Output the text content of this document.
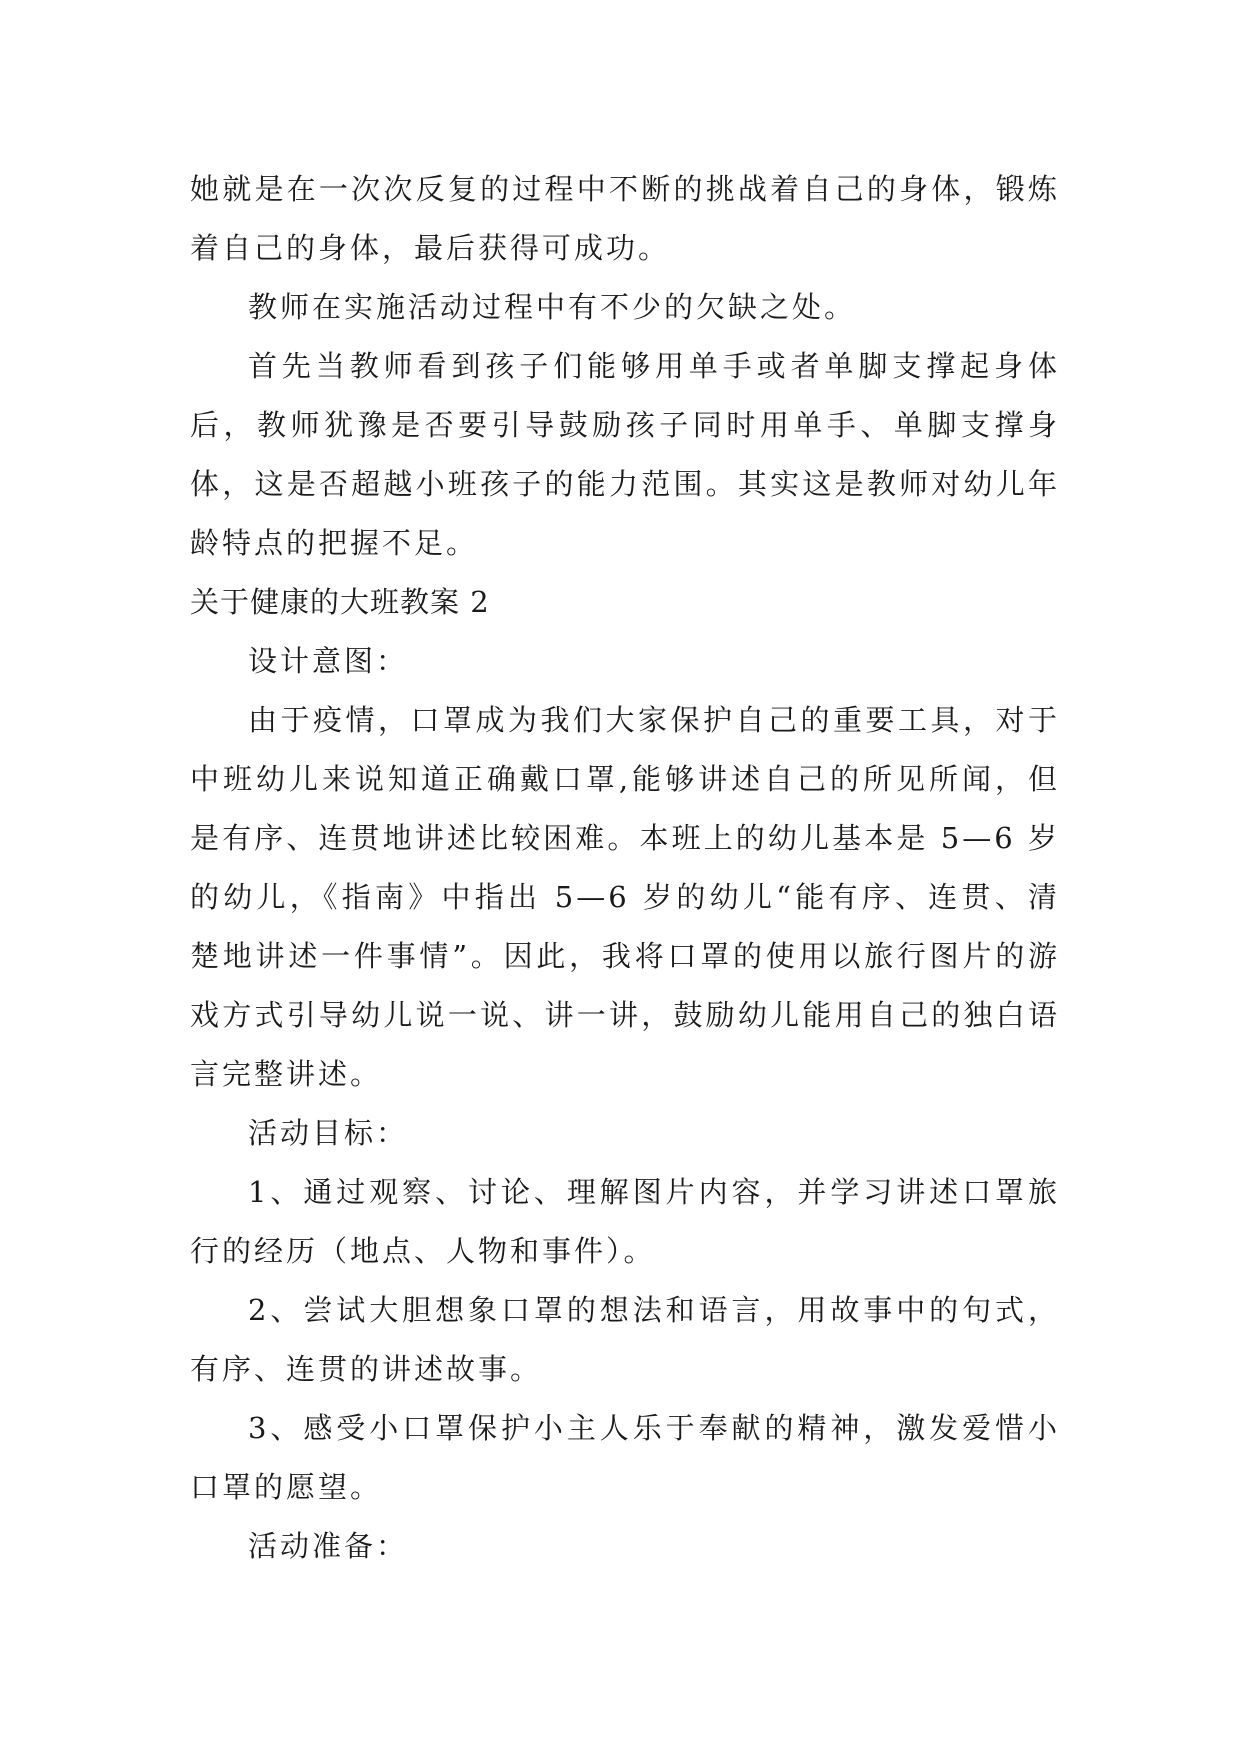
她就是在一次次反复的过程中不断的挑战着自己的身体，锻炼着自己的身体，最后获得可成功。

教师在实施活动过程中有不少的欠缺之处。

首先当教师看到孩子们能够用单手或者单脚支撑起身体后，教师犹豫是否要引导鼓励孩子同时用单手、单脚支撑身体，这是否超越小班孩子的能力范围。其实这是教师对幼儿年龄特点的把握不足。

关于健康的大班教案 2

设计意图：

由于疫情，口罩成为我们大家保护自己的重要工具，对于中班幼儿来说知道正确戴口罩,能够讲述自己的所见所闻，但是有序、连贯地讲述比较困难。本班上的幼儿基本是 5—6 岁的幼儿，《指南》中指出 5—6 岁的幼儿“能有序、连贯、清楚地讲述一件事情”。因此，我将口罩的使用以旅行图片的游戏方式引导幼儿说一说、讲一讲，鼓励幼儿能用自己的独白语言完整讲述。

活动目标：

1、通过观察、讨论、理解图片内容，并学习讲述口罩旅行的经历（地点、人物和事件）。

2、尝试大胆想象口罩的想法和语言，用故事中的句式，有序、连贯的讲述故事。

3、感受小口罩保护小主人乐于奉献的精神，激发爱惜小口罩的愿望。

活动准备：
